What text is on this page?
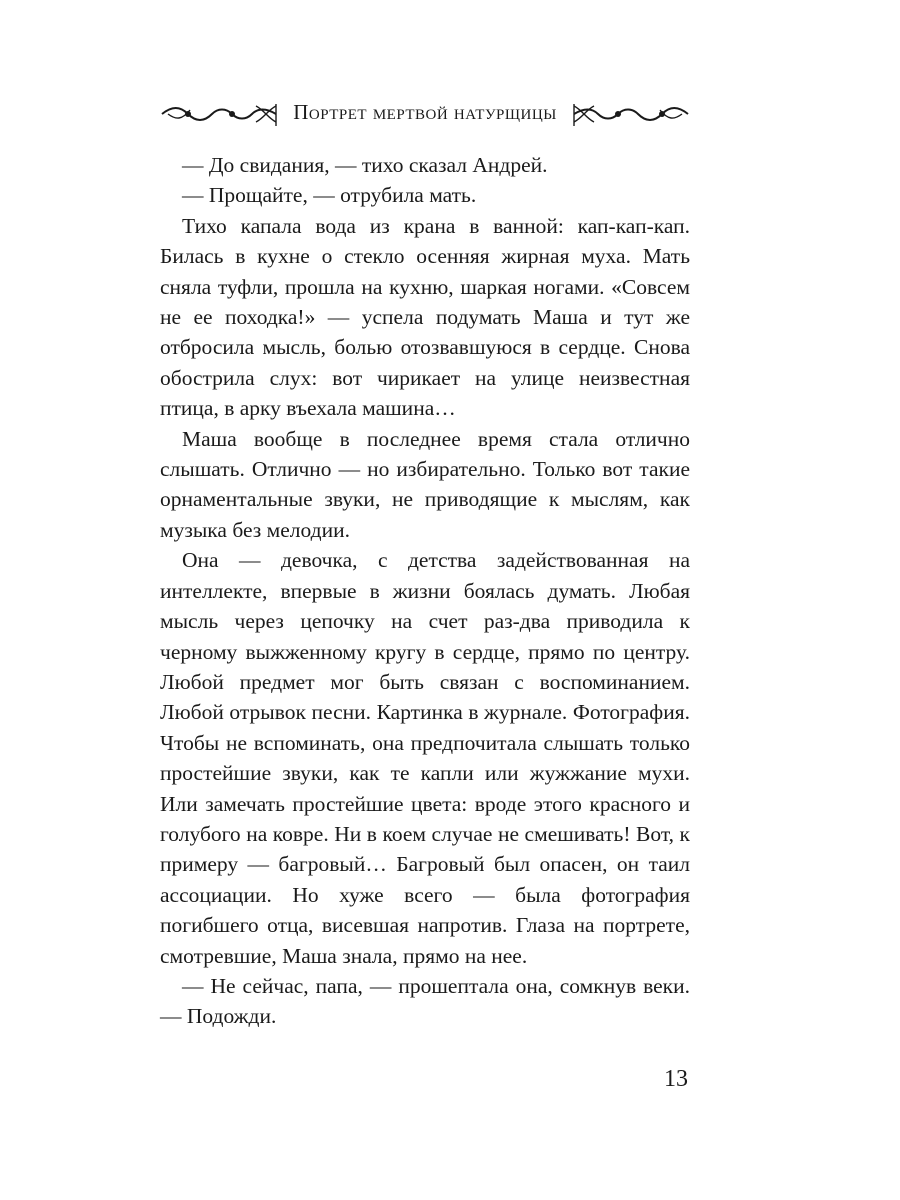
Портрет мертвой натурщицы

— До свидания, — тихо сказал Андрей.

— Прощайте, — отрубила мать.

Тихо капала вода из крана в ванной: кап-кап-кап. Билась в кухне о стекло осенняя жирная муха. Мать сняла туфли, прошла на кухню, шаркая ногами. «Совсем не ее походка!» — успела подумать Маша и тут же отбросила мысль, болью отозвавшуюся в сердце. Снова обострила слух: вот чирикает на улице неизвестная птица, в арку въехала машина…

Маша вообще в последнее время стала отлично слышать. Отлично — но избирательно. Только вот такие орнаментальные звуки, не приводящие к мыслям, как музыка без мелодии.

Она — девочка, с детства задействованная на интеллекте, впервые в жизни боялась думать. Любая мысль через цепочку на счет раз-два приводила к черному выжженному кругу в сердце, прямо по центру. Любой предмет мог быть связан с воспоминанием. Любой отрывок песни. Картинка в журнале. Фотография. Чтобы не вспоминать, она предпочитала слышать только простейшие звуки, как те капли или жужжание мухи. Или замечать простейшие цвета: вроде этого красного и голубого на ковре. Ни в коем случае не смешивать! Вот, к примеру — багровый… Багровый был опасен, он таил ассоциации. Но хуже всего — была фотография погибшего отца, висевшая напротив. Глаза на портрете, смотревшие, Маша знала, прямо на нее.

— Не сейчас, папа, — прошептала она, сомкнув веки. — Подожди.

13
